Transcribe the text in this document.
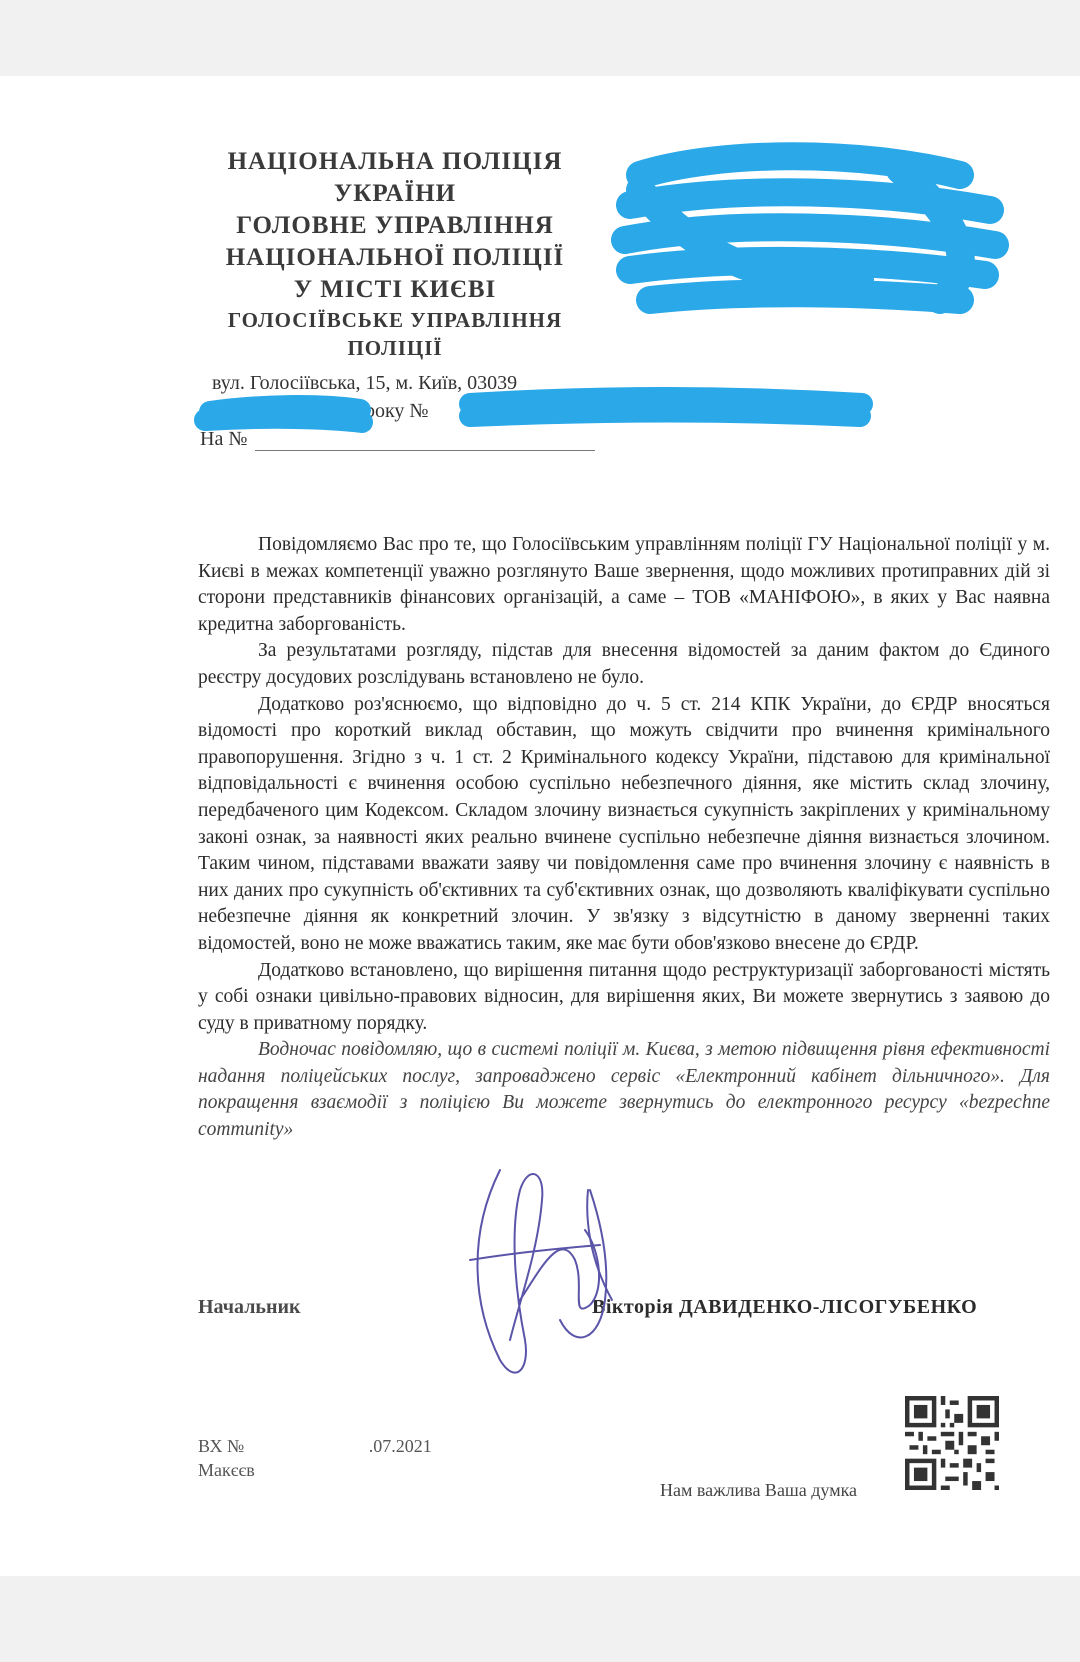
НАЦІОНАЛЬНА ПОЛІЦІЯ
УКРАЇНИ
ГОЛОВНЕ УПРАВЛІННЯ
НАЦІОНАЛЬНОЇ ПОЛІЦІЇ
У МІСТІ КИЄВІ
ГОЛОСІЇВСЬКЕ УПРАВЛІННЯ
ПОЛІЦІЇ
вул. Голосіївська, 15, м. Київ, 03039
року №
На №

Повідомляємо Вас про те, що Голосіївським управлінням поліції ГУ Національної поліції у м. Києві в межах компетенції уважно розглянуто Ваше звернення, щодо можливих протиправних дій зі сторони представників фінансових організацій, а саме – ТОВ «МАНІФОЮ», в яких у Вас наявна кредитна заборгованість.

За результатами розгляду, підстав для внесення відомостей за даним фактом до Єдиного реєстру досудових розслідувань встановлено не було.

Додатково роз'яснюємо, що відповідно до ч. 5 ст. 214 КПК України, до ЄРДР вносяться відомості про короткий виклад обставин, що можуть свідчити про вчинення кримінального правопорушення. Згідно з ч. 1 ст. 2 Кримінального кодексу України, підставою для кримінальної відповідальності є вчинення особою суспільно небезпечного діяння, яке містить склад злочину, передбаченого цим Кодексом. Складом злочину визнається сукупність закріплених у кримінальному законі ознак, за наявності яких реально вчинене суспільно небезпечне діяння визнається злочином. Таким чином, підставами вважати заяву чи повідомлення саме про вчинення злочину є наявність в них даних про сукупність об'єктивних та суб'єктивних ознак, що дозволяють кваліфікувати суспільно небезпечне діяння як конкретний злочин. У зв'язку з відсутністю в даному зверненні таких відомостей, воно не може вважатись таким, яке має бути обов'язково внесене до ЄРДР.

Додатково встановлено, що вирішення питання щодо реструктуризації заборгованості містять у собі ознаки цивільно-правових відносин, для вирішення яких, Ви можете звернутись з заявою до суду в приватному порядку.

Водночас повідомляю, що в системі поліції м. Києва, з метою підвищення рівня ефективності надання поліцейських послуг, запроваджено сервіс «Електронний кабінет дільничного». Для покращення взаємодії з поліцією Ви можете звернутись до електронного ресурсу «bezpechne community»

Начальник	Вікторія ДАВИДЕНКО-ЛІСОГУБЕНКО
ВХ №	.07.2021
Макєєв
Нам важлива Ваша думка
